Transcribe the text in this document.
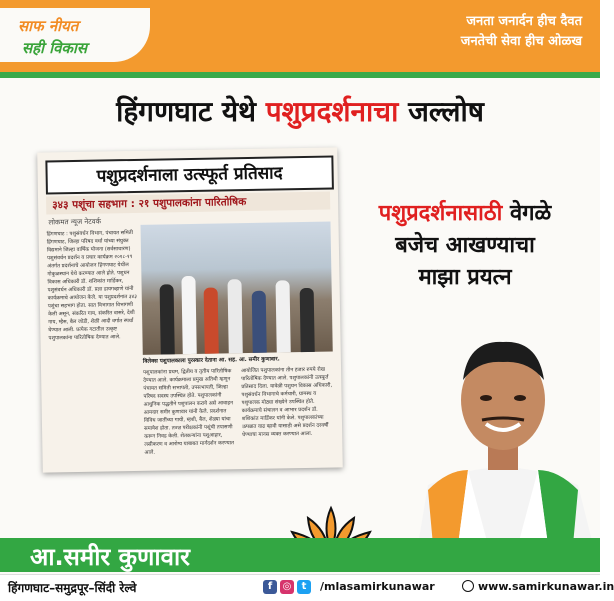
साफ नीयत
सही विकास
जनता जनार्दन हीच दैवत
जनतेची सेवा हीच ओळख
हिंगणघाट येथे पशुप्रदर्शनाचा जल्लोष
पशुप्रदर्शनाला उत्स्फूर्त प्रतिसाद
३४३ पशूंचा सहभाग : २१ पशुपालकांना पारितोषिक
लोकमत न्यूज नेटवर्क
हिंगणघाट : पशुसंवर्धन विभाग, पंचायत समिती हिंगणघाट, जिल्हा परिषद वर्धा यांच्या संयुक्त विद्यमाने जिल्हा वार्षिक योजना (सर्वसाधारण) पशुसंवर्धन प्रदर्शन व प्रचार कार्यक्रम २०१८-१९ अंतर्गत प्रदर्शनाचे आयोजन हिंगणघाट येथील गोकुळस्थान येथे करण्यात आले होते. पशुधन विकास अधिकारी डॉ. शशिकांत मार्डिकर, पशुसंवर्धन अधिकारी डॉ. प्रज्ञा डायगव्हाणे यांनी कार्यक्रमाचे आयोजन केले. या पशुप्रदर्शनात ३४३ पशुंचा सहभाग होता. सात विभागात विभागणी केली असून, संकरित गाय, संकरित वासरे, देशी गाय, म्हैस, बैल जोडी, शेळी आदी वर्गात स्पर्धा घेण्यात आली. प्रत्येक गटातील उत्कृष्ट पशुपालकांना पारितोषिक देण्यात आले.
विलेक्स पशुपालकाला पुरस्कार देताना आ. सह. आ. समीर कुणावार.
पशुपालकांना प्रथम, द्वितीय व तृतीय पारितोषिक देण्यात आले. कार्यक्रमाला प्रमुख अतिथी म्हणून पंचायत समिती सभापती, उपसभापती, जिल्हा परिषद सदस्य उपस्थित होते. पशुपालकांनी आधुनिक पद्धतीने पशुपालन करावे असे आवाहन आमदार समीर कुणावार यांनी केले. प्रदर्शनात विविध जातींच्या गायी, म्हशी, बैल, शेळ्या यांचा समावेश होता. तज्ज्ञ परीक्षकांनी पशूंची तपासणी करून निवड केली. शेतकऱ्यांना पशुआहार, लसीकरण व आरोग्य याबाबत मार्गदर्शन करण्यात आले.
आयोजित पशुपालकांना तीन हजार रुपये रोख पारितोषिक देण्यात आले. पशुपालकांनी उत्स्फूर्त प्रतिसाद दिला. यावेळी पशुधन विकास अधिकारी, पशुसंवर्धन विभागाचे कर्मचारी, ग्रामस्थ व पशुपालक मोठ्या संख्येने उपस्थित होते. कार्यक्रमाचे संचालन व आभार प्रदर्शन डॉ. शशिकांत मार्डिकर यांनी केले. पशुपालकांच्या उत्पन्नात वाढ व्हावी यासाठी असे प्रदर्शन दरवर्षी घेण्याचा मानस व्यक्त करण्यात आला.
पशुप्रदर्शनासाठी वेगळे
बजेच आखण्याचा
माझा प्रयत्न
आ.समीर कुणावार
हिंगणघाट–समुद्रपूर–सिंदी रेल्वे	f	◎	t	/mlasamirkunawar	www.samirkunawar.in
